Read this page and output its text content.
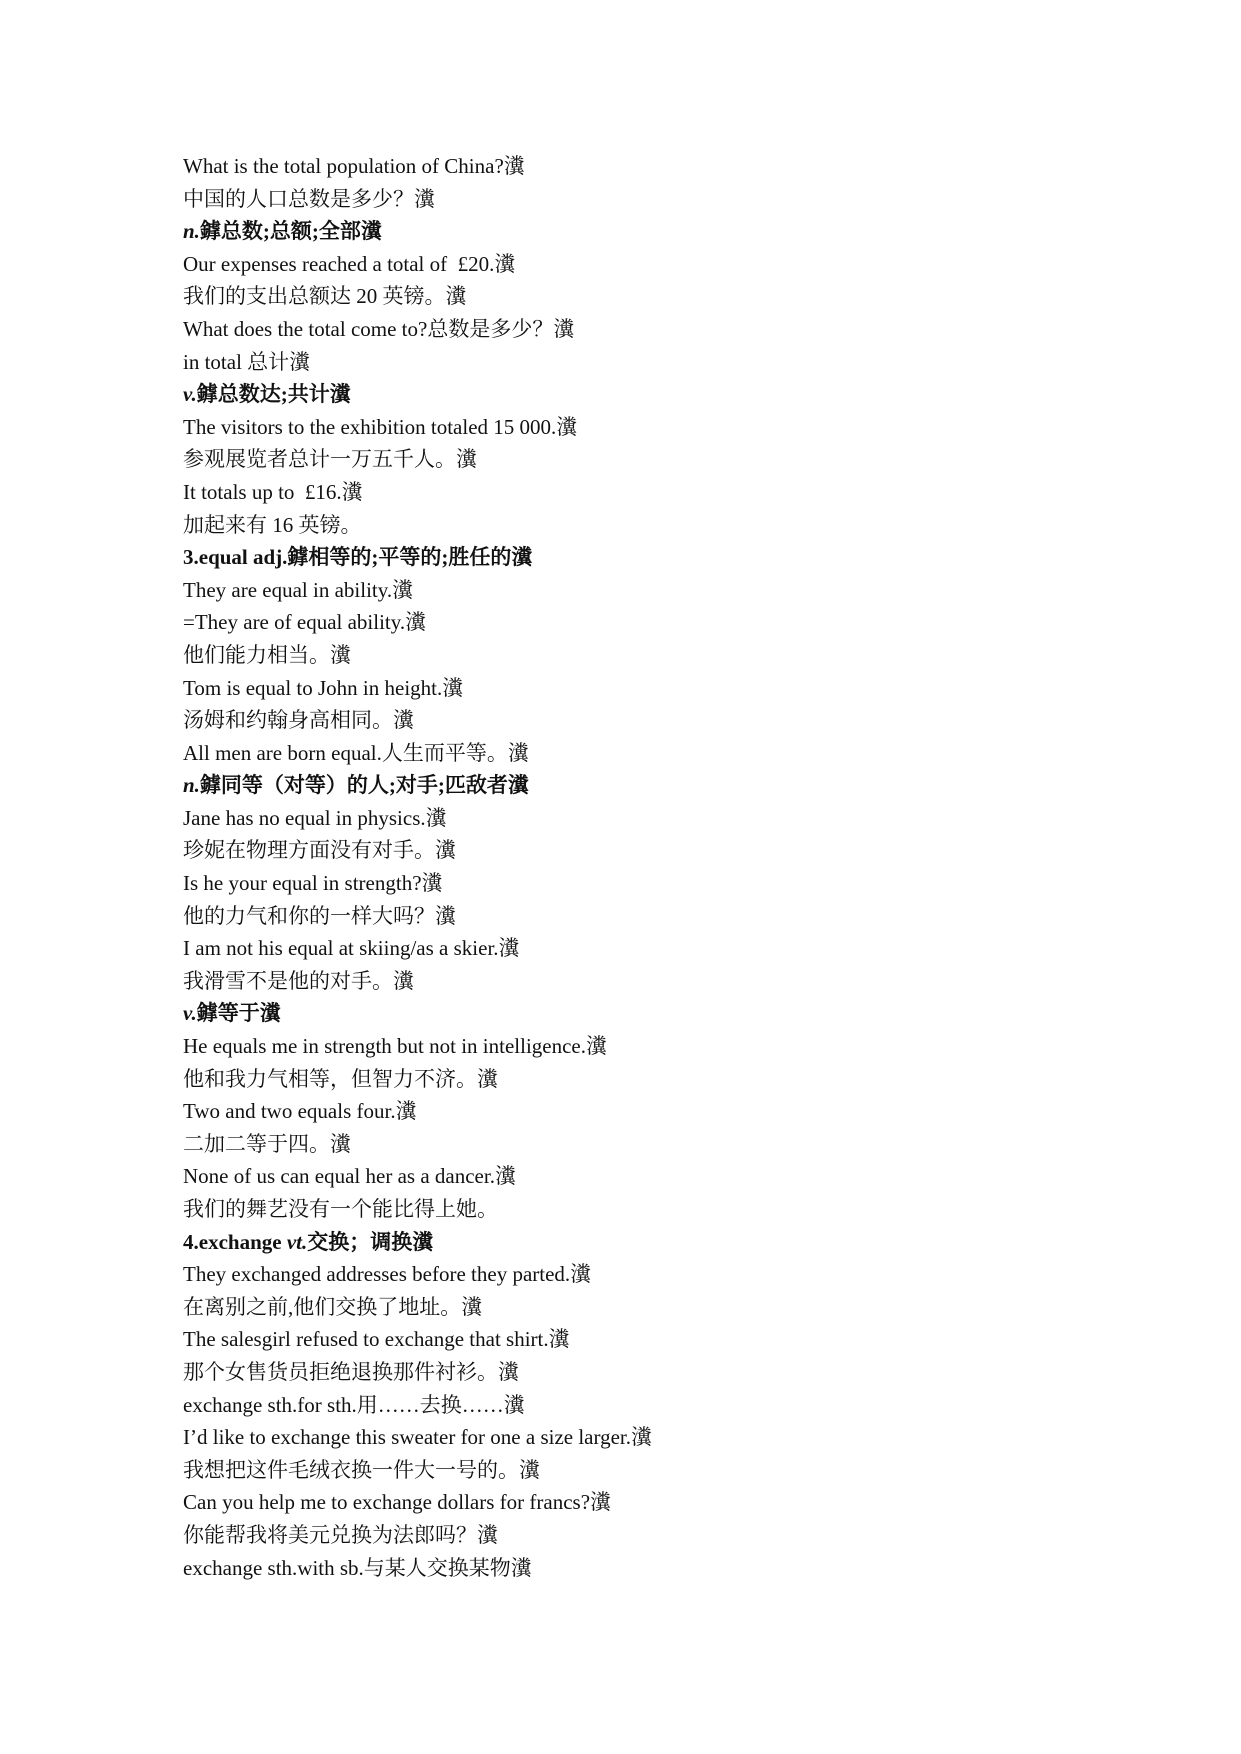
What is the total population of China?瀵
中国的人口总数是多少？瀵
n.鎼总数;总额;全部瀵
Our expenses reached a total of  £20.瀵
我们的支出总额达 20 英镑。瀵
What does the total come to?总数是多少？瀵
in total 总计瀵
v.鎼总数达;共计瀵
The visitors to the exhibition totaled 15 000.瀵
参观展览者总计一万五千人。瀵
It totals up to  £16.瀵
加起来有 16 英镑。
3.equal adj.鎼相等的;平等的;胜任的瀵
They are equal in ability.瀵
=They are of equal ability.瀵
他们能力相当。瀵
Tom is equal to John in height.瀵
汤姆和约翰身高相同。瀵
All men are born equal.人生而平等。瀵
n.鎼同等（对等）的人;对手;匹敌者瀵
Jane has no equal in physics.瀵
珍妮在物理方面没有对手。瀵
Is he your equal in strength?瀵
他的力气和你的一样大吗？瀵
I am not his equal at skiing/as a skier.瀵
我滑雪不是他的对手。瀵
v.鎼等于瀵
He equals me in strength but not in intelligence.瀵
他和我力气相等，但智力不济。瀵
Two and two equals four.瀵
二加二等于四。瀵
None of us can equal her as a dancer.瀵
我们的舞艺没有一个能比得上她。
4.exchange vt.交换；调换瀵
They exchanged addresses before they parted.瀵
在离别之前,他们交换了地址。瀵
The salesgirl refused to exchange that shirt.瀵
那个女售货员拒绝退换那件衬衫。瀵
exchange sth.for sth.用……去换……瀵
I’d like to exchange this sweater for one a size larger.瀵
我想把这件毛绒衣换一件大一号的。瀵
Can you help me to exchange dollars for francs?瀵
你能帮我将美元兑换为法郎吗？瀵
exchange sth.with sb.与某人交换某物瀵
